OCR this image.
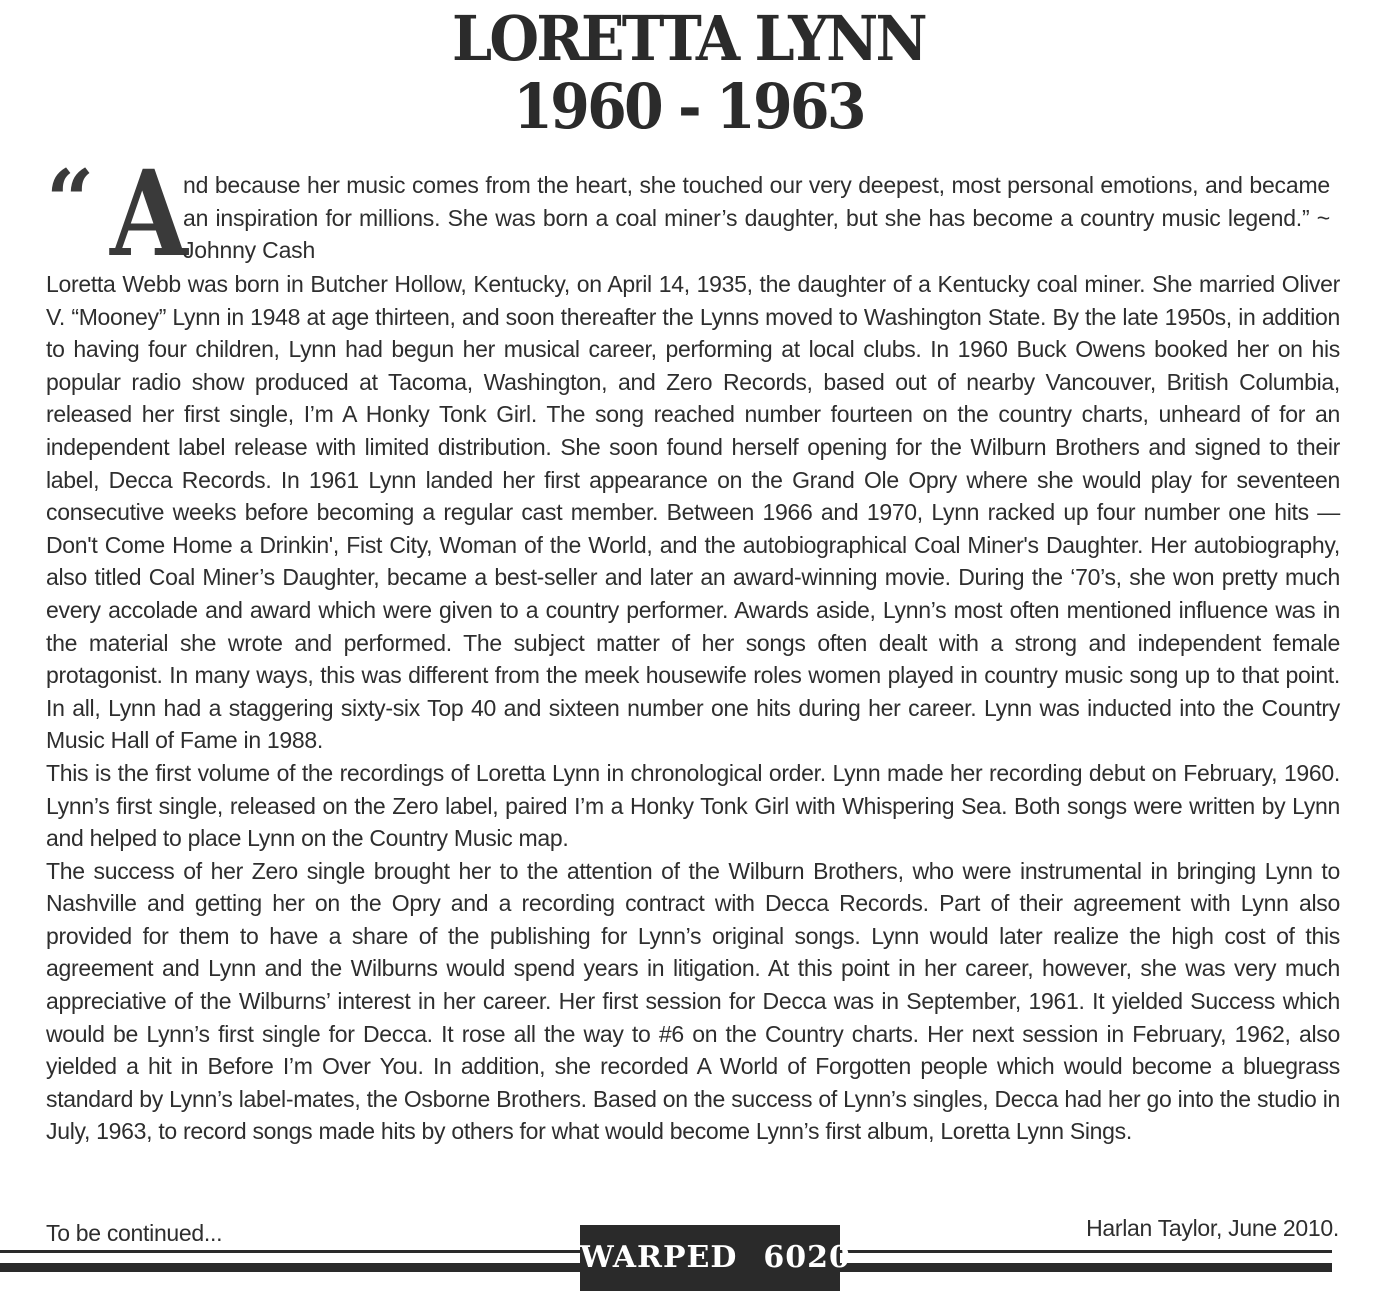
LORETTA LYNN
1960 - 1963
“ A
nd because her music comes from the heart, she touched our very deepest, most personal emotions, and became an inspiration for millions. She was born a coal miner’s daughter, but she has become a country music legend.” ~ Johnny Cash

Loretta Webb was born in Butcher Hollow, Kentucky, on April 14, 1935, the daughter of a Kentucky coal miner. She married Oliver V. “Mooney” Lynn in 1948 at age thirteen, and soon thereafter the Lynns moved to Washington State. By the late 1950s, in addition to having four children, Lynn had begun her musical career, performing at local clubs. In 1960 Buck Owens booked her on his popular radio show produced at Tacoma, Washington, and Zero Records, based out of nearby Vancouver, British Columbia, released her first single, I’m A Honky Tonk Girl. The song reached number fourteen on the country charts, unheard of for an independent label release with limited distribution. She soon found herself opening for the Wilburn Brothers and signed to their label, Decca Records. In 1961 Lynn landed her first appearance on the Grand Ole Opry where she would play for seventeen consecutive weeks before becoming a regular cast member. Between 1966 and 1970, Lynn racked up four number one hits — Don't Come Home a Drinkin', Fist City, Woman of the World, and the autobiographical Coal Miner's Daughter. Her autobiography, also titled Coal Miner’s Daughter, became a best-seller and later an award-winning movie. During the ‘70’s, she won pretty much every accolade and award which were given to a country performer. Awards aside, Lynn’s most often mentioned influence was in the material she wrote and performed. The subject matter of her songs often dealt with a strong and independent female protagonist. In many ways, this was different from the meek housewife roles women played in country music song up to that point. In all, Lynn had a staggering sixty-six Top 40 and sixteen number one hits during her career. Lynn was inducted into the Country Music Hall of Fame in 1988.

This is the first volume of the recordings of Loretta Lynn in chronological order. Lynn made her recording debut on February, 1960. Lynn’s first single, released on the Zero label, paired I’m a Honky Tonk Girl with Whispering Sea. Both songs were written by Lynn and helped to place Lynn on the Country Music map.

The success of her Zero single brought her to the attention of the Wilburn Brothers, who were instrumental in bringing Lynn to Nashville and getting her on the Opry and a recording contract with Decca Records. Part of their agreement with Lynn also provided for them to have a share of the publishing for Lynn’s original songs. Lynn would later realize the high cost of this agreement and Lynn and the Wilburns would spend years in litigation. At this point in her career, however, she was very much appreciative of the Wilburns’ interest in her career. Her first session for Decca was in September, 1961. It yielded Success which would be Lynn’s first single for Decca. It rose all the way to #6 on the Country charts. Her next session in February, 1962, also yielded a hit in Before I’m Over You. In addition, she recorded A World of Forgotten people which would become a bluegrass standard by Lynn’s label-mates, the Osborne Brothers. Based on the success of Lynn’s singles, Decca had her go into the studio in July, 1963, to record songs made hits by others for what would become Lynn’s first album, Loretta Lynn Sings.

To be continued...	Harlan Taylor, June 2010.
WARPED 6020
